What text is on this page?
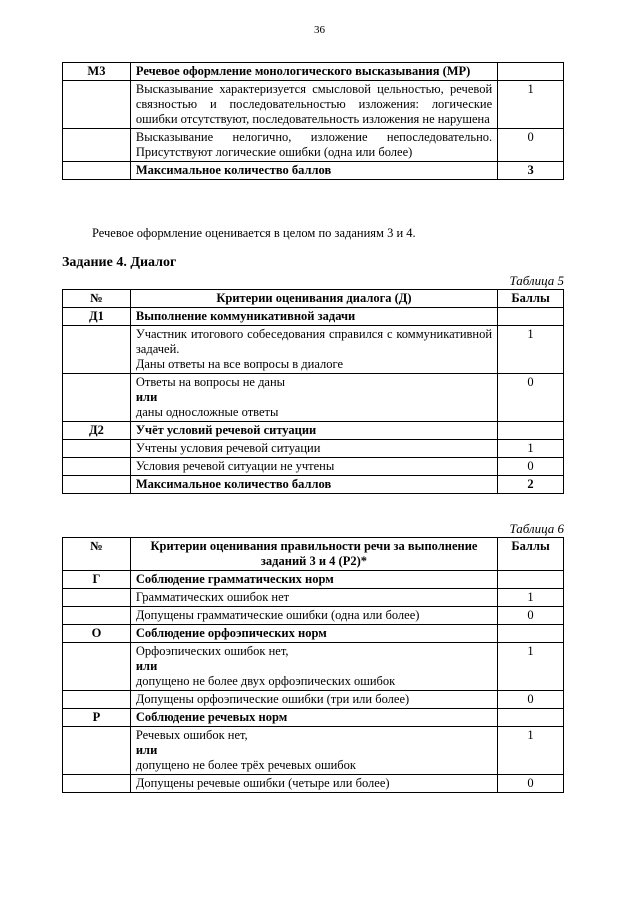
36
М3	Речевое оформление монологического высказывания (МР)	
	Высказывание характеризуется смысловой цельностью, речевой связностью и последовательностью изложения: логические ошибки отсутствуют, последовательность изложения не нарушена	1
	Высказывание нелогично, изложение непоследовательно. Присутствуют логические ошибки (одна или более)	0
	Максимальное количество баллов	3
Речевое оформление оценивается в целом по заданиям 3 и 4.
Задание 4. Диалог
Таблица 5
№	Критерии оценивания диалога (Д)	Баллы
Д1	Выполнение коммуникативной задачи	

	Участник итогового собеседования справился с коммуникативной задачей.
Даны ответы на все вопросы в диалоге	1

	Ответы на вопросы не даны
или
даны односложные ответы	0
Д2	Учёт условий речевой ситуации	
	Учтены условия речевой ситуации	1
	Условия речевой ситуации не учтены	0
	Максимальное количество баллов	2
Таблица 6
№	Критерии оценивания правильности речи за выполнение заданий 3 и 4 (Р2)*	Баллы
Г	Соблюдение грамматических норм	
	Грамматических ошибок нет	1
	Допущены грамматические ошибки (одна или более)	0
О	Соблюдение орфоэпических норм	

	Орфоэпических ошибок нет,
или
допущено не более двух орфоэпических ошибок	1
	Допущены орфоэпические ошибки (три или более)	0
Р	Соблюдение речевых норм	

	Речевых ошибок нет,
или
допущено не более трёх речевых ошибок	1
	Допущены речевые ошибки (четыре или более)	0
